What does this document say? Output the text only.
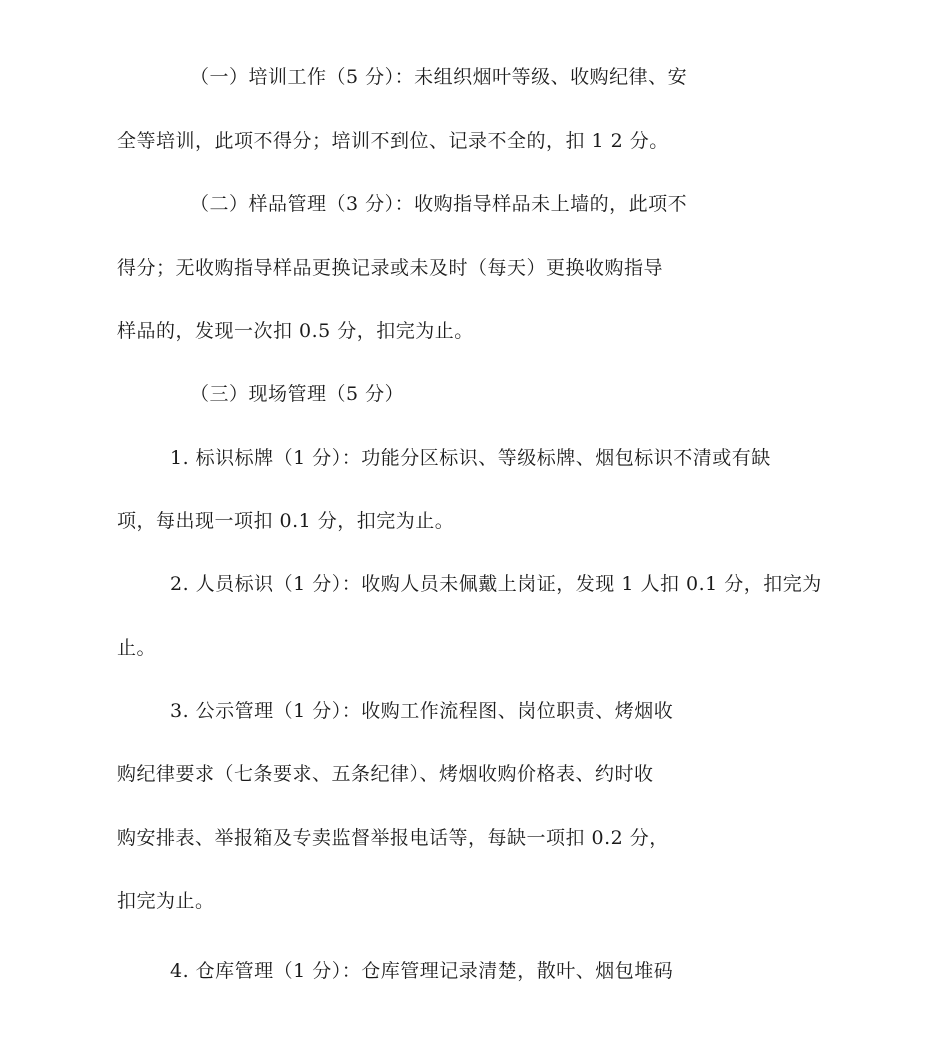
（一）培训工作（5 分）：未组织烟叶等级、收购纪律、安
全等培训，此项不得分；培训不到位、记录不全的，扣 1 2 分。
（二）样品管理（3 分）：收购指导样品未上墙的，此项不
得分；无收购指导样品更换记录或未及时（每天）更换收购指导
样品的，发现一次扣 0.5 分，扣完为止。
（三）现场管理（5 分）
1. 标识标牌（1 分）：功能分区标识、等级标牌、烟包标识不清或有缺
项，每出现一项扣 0.1 分，扣完为止。
2. 人员标识（1 分）：收购人员未佩戴上岗证，发现 1 人扣 0.1 分，扣完为
止。
3. 公示管理（1 分）：收购工作流程图、岗位职责、烤烟收
购纪律要求（七条要求、五条纪律）、烤烟收购价格表、约时收
购安排表、举报箱及专卖监督举报电话等，每缺一项扣 0.2 分，
扣完为止。
4. 仓库管理（1 分）：仓库管理记录清楚，散叶、烟包堆码
